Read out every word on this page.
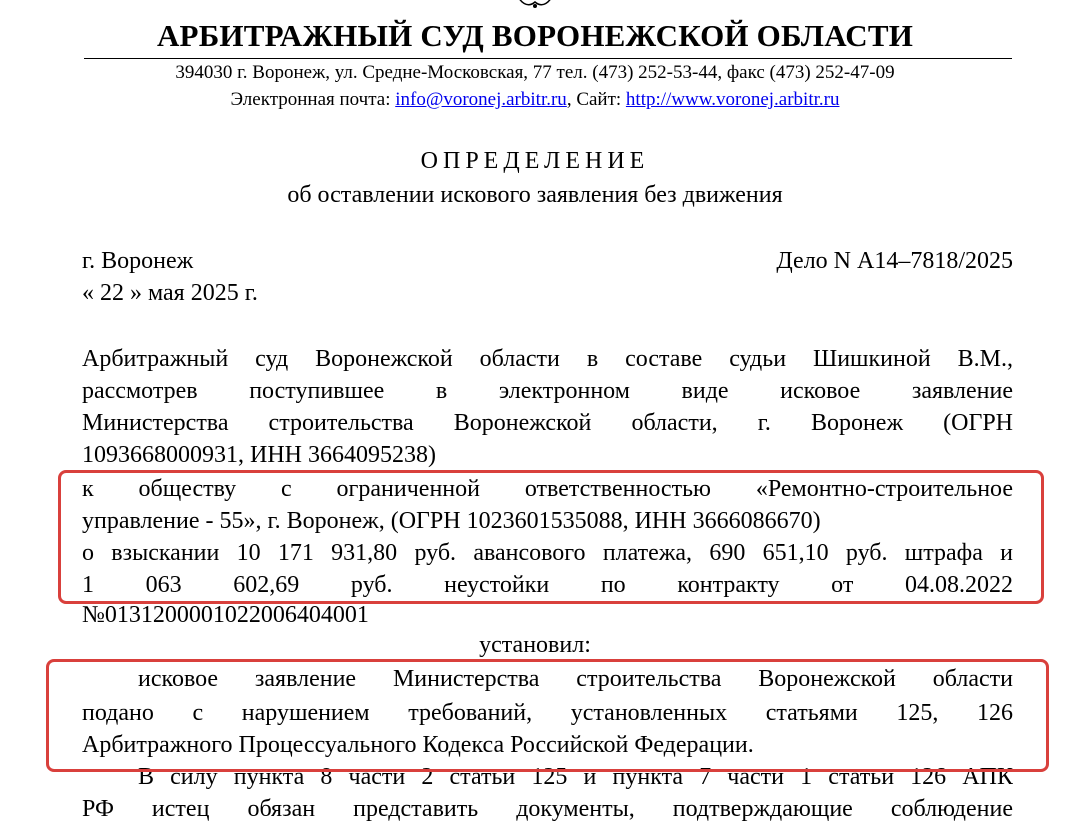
АРБИТРАЖНЫЙ СУД ВОРОНЕЖСКОЙ ОБЛАСТИ
394030 г. Воронеж, ул. Средне-Московская, 77 тел. (473) 252-53-44, факс (473) 252-47-09
Электронная почта: info@voronej.arbitr.ru, Сайт: http://www.voronej.arbitr.ru
ОПРЕДЕЛЕНИЕ
об оставлении искового заявления без движения
г. Воронеж	Дело N А14–7818/2025
« 22 » мая 2025 г.
Арбитражный суд Воронежской области в составе судьи Шишкиной В.М.,
рассмотрев поступившее в электронном виде исковое заявление
Министерства строительства Воронежской области, г. Воронеж (ОГРН
1093668000931, ИНН 3664095238)
к обществу с ограниченной ответственностью «Ремонтно-строительное
управление - 55», г. Воронеж, (ОГРН 1023601535088, ИНН 3666086670)
о взыскании 10 171 931,80 руб. авансового платежа, 690 651,10 руб. штрафа и
1 063 602,69 руб. неустойки по контракту от 04.08.2022
№0131200001022006404001
установил:
исковое заявление Министерства строительства Воронежской области
подано с нарушением требований, установленных статьями 125, 126
Арбитражного Процессуального Кодекса Российской Федерации.
В силу пункта 8 части 2 статьи 125 и пункта 7 части 1 статьи 126 АПК
РФ истец обязан представить документы, подтверждающие соблюдение
